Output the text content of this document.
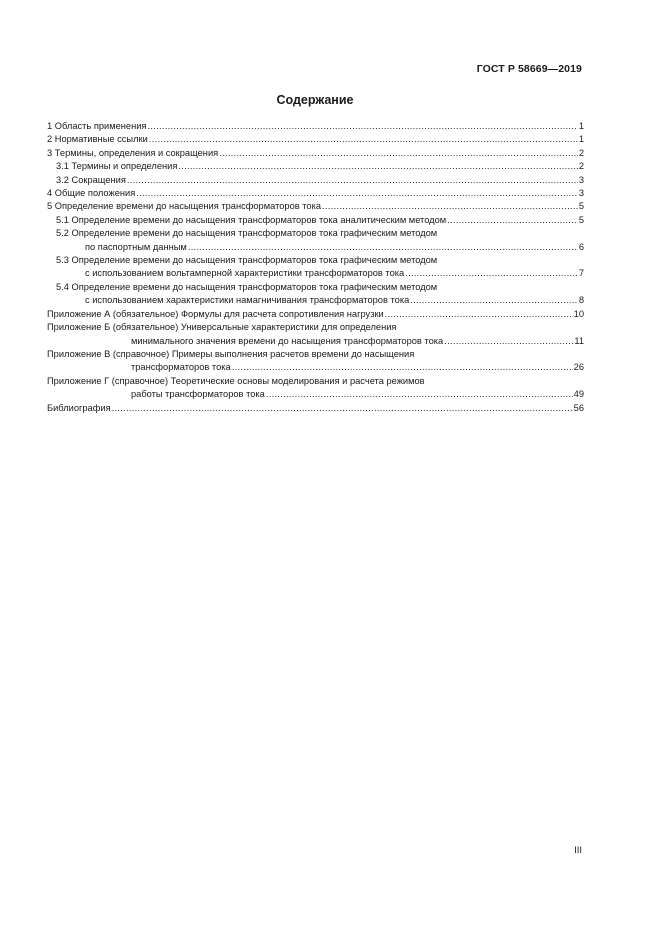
ГОСТ Р 58669—2019
Содержание
1 Область применения .....	1
2 Нормативные ссылки .....	1
3 Термины, определения и сокращения .....	2
3.1 Термины и определения .....	2
3.2 Сокращения .....	3
4 Общие положения .....	3
5 Определение времени до насыщения трансформаторов тока .....	5
5.1 Определение времени до насыщения трансформаторов тока аналитическим методом .....	5
5.2 Определение времени до насыщения трансформаторов тока графическим методом
по паспортным данным .....	6
5.3 Определение времени до насыщения трансформаторов тока графическим методом
с использованием вольтамперной характеристики трансформаторов тока .....	7
5.4 Определение времени до насыщения трансформаторов тока графическим методом
с использованием характеристики намагничивания трансформаторов тока .....	8
Приложение А (обязательное) Формулы для расчета сопротивления нагрузки .....	10
Приложение Б (обязательное) Универсальные характеристики для определения
минимального значения времени до насыщения трансформаторов тока .....	11
Приложение В (справочное) Примеры выполнения расчетов времени до насыщения
трансформаторов тока .....	26
Приложение Г (справочное) Теоретические основы моделирования и расчета режимов
работы трансформаторов тока .....	49
Библиография .....	56
III
